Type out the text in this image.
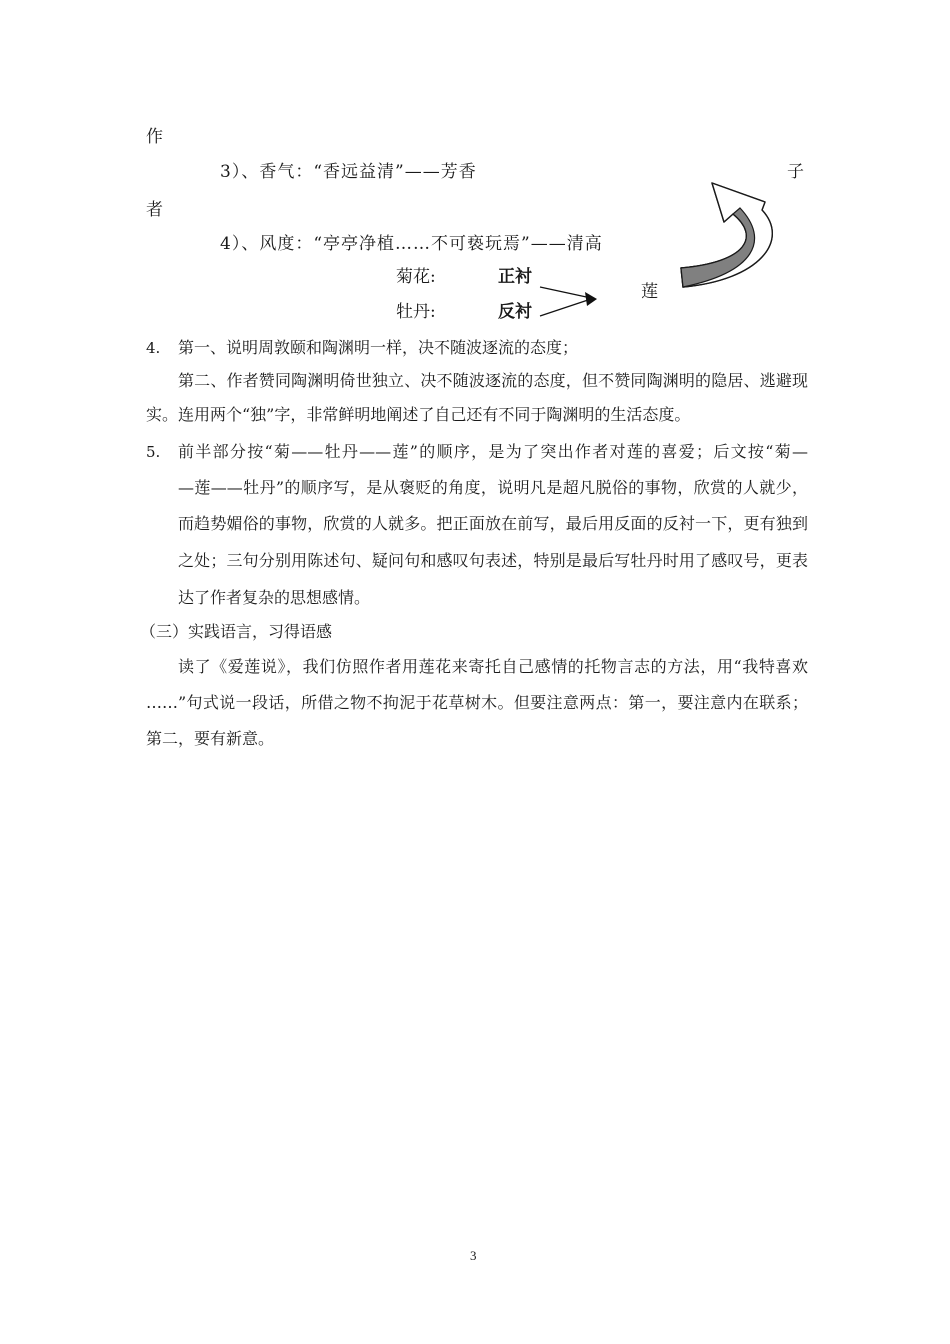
作
者
子
莲
3）、香气：“香远益清”——芳香
4）、风度：“亭亭净植……不可亵玩焉”——清高
菊花:	正衬
牡丹:	反衬
4. 第一、说明周敦颐和陶渊明一样，决不随波逐流的态度；
第二、作者赞同陶渊明倚世独立、决不随波逐流的态度，但不赞同陶渊明的隐居、逃避现
实。连用两个“独”字，非常鲜明地阐述了自己还有不同于陶渊明的生活态度。
5. 前半部分按“菊——牡丹——莲”的顺序，是为了突出作者对莲的喜爱；后文按“菊—
—莲——牡丹”的顺序写，是从褒贬的角度，说明凡是超凡脱俗的事物，欣赏的人就少，
而趋势媚俗的事物，欣赏的人就多。把正面放在前写，最后用反面的反衬一下，更有独到
之处；三句分别用陈述句、疑问句和感叹句表述，特别是最后写牡丹时用了感叹号，更表
达了作者复杂的思想感情。
（三）实践语言，习得语感
读了《爱莲说》，我们仿照作者用莲花来寄托自己感情的托物言志的方法，用“我特喜欢
……”句式说一段话，所借之物不拘泥于花草树木。但要注意两点：第一，要注意内在联系；
第二，要有新意。
3
